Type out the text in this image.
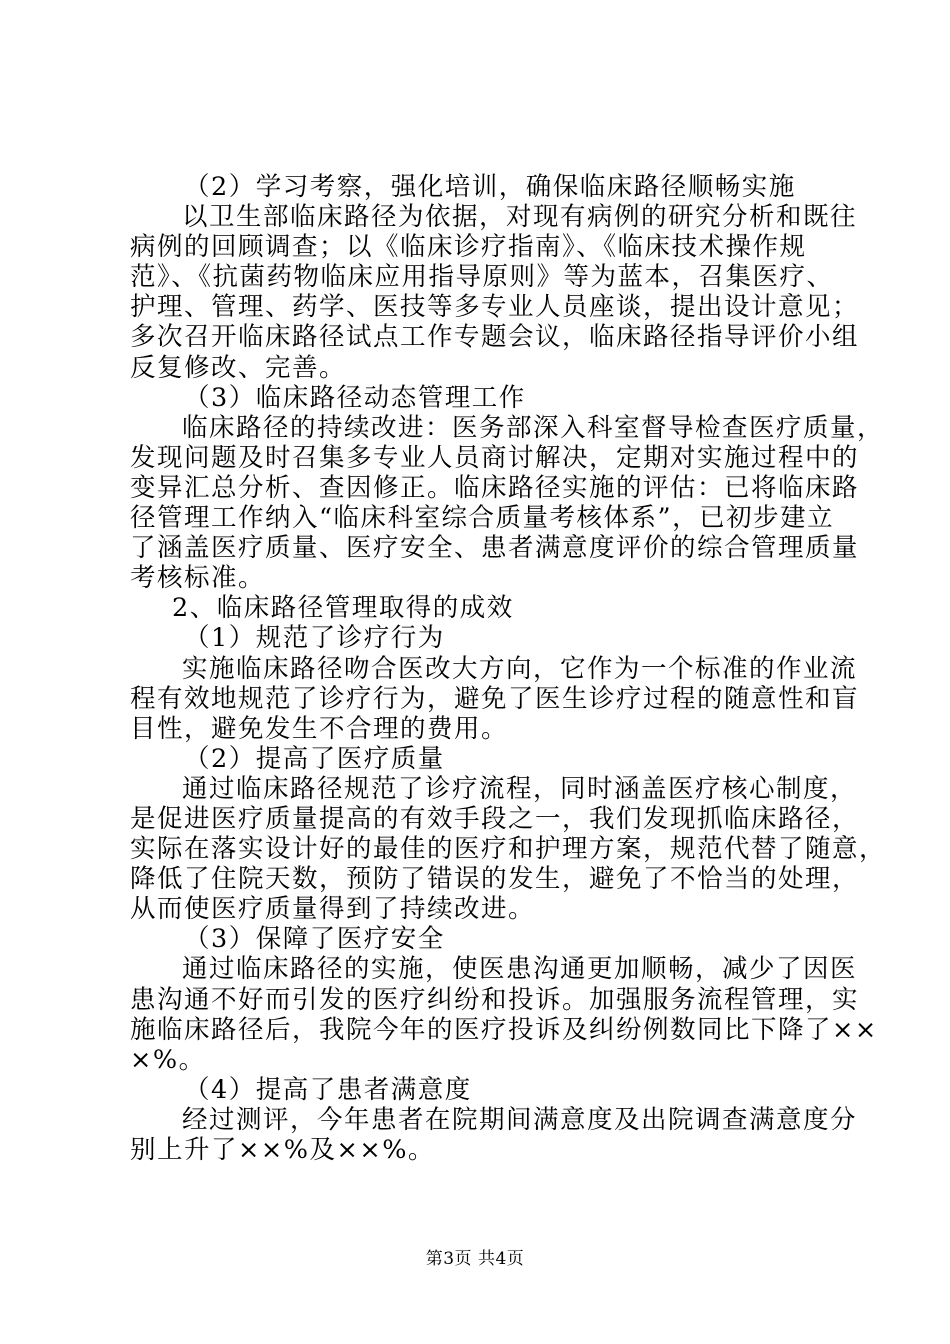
（2）学习考察，强化培训，确保临床路径顺畅实施

以卫生部临床路径为依据，对现有病例的研究分析和既往

病例的回顾调查；以《临床诊疗指南》、《临床技术操作规

范》、《抗菌药物临床应用指导原则》等为蓝本，召集医疗、

护理、管理、药学、医技等多专业人员座谈，提出设计意见；

多次召开临床路径试点工作专题会议，临床路径指导评价小组

反复修改、完善。

（3）临床路径动态管理工作

临床路径的持续改进：医务部深入科室督导检查医疗质量，

发现问题及时召集多专业人员商讨解决，定期对实施过程中的

变异汇总分析、查因修正。临床路径实施的评估：已将临床路

径管理工作纳入“临床科室综合质量考核体系”，已初步建立

了涵盖医疗质量、医疗安全、患者满意度评价的综合管理质量

考核标准。

2、临床路径管理取得的成效

（1）规范了诊疗行为

实施临床路径吻合医改大方向，它作为一个标准的作业流

程有效地规范了诊疗行为，避免了医生诊疗过程的随意性和盲

目性，避免发生不合理的费用。

（2）提高了医疗质量

通过临床路径规范了诊疗流程，同时涵盖医疗核心制度，

是促进医疗质量提高的有效手段之一，我们发现抓临床路径，

实际在落实设计好的最佳的医疗和护理方案，规范代替了随意，

降低了住院天数，预防了错误的发生，避免了不恰当的处理，

从而使医疗质量得到了持续改进。

（3）保障了医疗安全

通过临床路径的实施，使医患沟通更加顺畅，减少了因医

患沟通不好而引发的医疗纠纷和投诉。加强服务流程管理，实

施临床路径后，我院今年的医疗投诉及纠纷例数同比下降了××

×%。

（4）提高了患者满意度

经过测评，今年患者在院期间满意度及出院调查满意度分

别上升了××%及××%。

第3页 共4页
